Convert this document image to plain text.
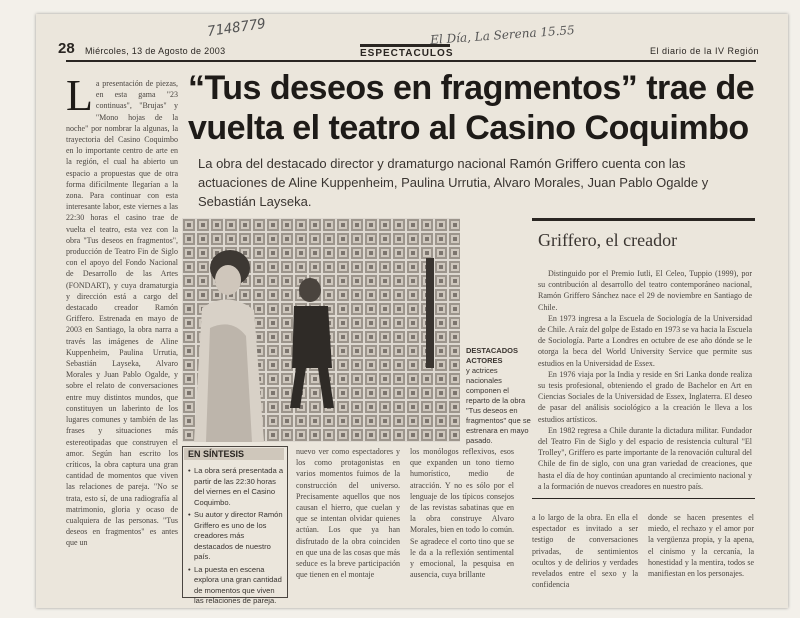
28 Miércoles, 13 de Agosto de 2003	ESPECTACULOS	El diario de la IV Región
7148779	El Día, La Serena 15.55
“Tus deseos en fragmentos” trae de vuelta el teatro al Casino Coquimbo
La obra del destacado director y dramaturgo nacional Ramón Griffero cuenta con las actuaciones de Aline Kuppenheim, Paulina Urrutia, Alvaro Morales, Juan Pablo Ogalde y Sebastián Layseka.
L a presentación de piezas, en esta gama "23 continuas", "Brujas" y "Mono hojas de la noche" por nombrar la algunas, la trayectoria del Casino Coquimbo en lo importante centro de arte en la región, el cual ha abierto un espacio a propuestas que de otra forma difícilmente llegarían a la zona. Para continuar con esta interesante labor, este viernes a las 22:30 horas el casino trae de vuelta el teatro, esta vez con la obra "Tus deseos en fragmentos", producción de Teatro Fin de Siglo con el apoyo del Fondo Nacional de Desarrollo de las Artes (FONDART), y cuya dramaturgia y dirección está a cargo del destacado creador Ramón Griffero. Estrenada en mayo de 2003 en Santiago, la obra narra a través las imágenes de Aline Kuppenheim, Paulina Urrutia, Sebastián Layseka, Alvaro Morales y Juan Pablo Ogalde, y sobre el relato de conversaciones entre muy distintos mundos, que constituyen un laberinto de los lugares comunes y también de las frases y situaciones más estereotipadas que construyen el amor. Según han escrito los críticos, la obra captura una gran cantidad de momentos que viven las relaciones de pareja. "No se trata, esto sí, de una radiografía al matrimonio, gloria y ocaso de cualquiera de las personas. "Tus deseos en fragmentos" es antes que un
DESTACADOS ACTORES
y actrices nacionales componen el reparto de la obra "Tus deseos en fragmentos" que se estrenara en mayo pasado.
Griffero, el creador

Distinguido por el Premio Iutli, El Celeo, Tuppio (1999), por su contribución al desarrollo del teatro contemporáneo nacional, Ramón Griffero Sánchez nace el 29 de noviembre en Santiago de Chile.

En 1973 ingresa a la Escuela de Sociología de la Universidad de Chile. A raíz del golpe de Estado en 1973 se va hacia la Escuela de Sociología. Parte a Londres en octubre de ese año dónde se le otorga la beca del World University Service que permite sus estudios en la Universidad de Essex.

En 1976 viaja por la India y reside en Sri Lanka donde realiza su tesis profesional, obteniendo el grado de Bachelor en Art en Ciencias Sociales de la Universidad de Essex, Inglaterra. El deseo de pasar del análisis sociológico a la creación le lleva a los estudios artísticos.

En 1982 regresa a Chile durante la dictadura militar. Fundador del Teatro Fin de Siglo y del espacio de resistencia cultural "El Trolley", Griffero es parte importante de la renovación cultural del Chile de fin de siglo, con una gran variedad de creaciones, que hasta el día de hoy continúan apuntando al crecimiento nacional y a la formación de nuevos creadores en nuestro país.

EN SÍNTESIS
• La obra será presentada a partir de las 22:30 horas del viernes en el Casino Coquimbo.
• Su autor y director Ramón Griffero es uno de los creadores más destacados de nuestro país.
• La puesta en escena explora una gran cantidad de momentos que viven las relaciones de pareja.
nuevo ver como espectadores y los como protagonistas en varios momentos fuimos de la construcción del universo. Precisamente aquellos que nos causan el hierro, que cuelan y que se intentan olvidar quienes actúan. Los que ya han disfrutado de la obra coinciden en que una de las cosas que más seduce es la breve participación que tienen en el montaje
los monólogos reflexivos, esos que expanden un tono tierno humorístico, medio de atracción. Y no es sólo por el lenguaje de los típicos consejos de las revistas sabatinas que en la obra construye Alvaro Morales, bien en todo lo común. Se agradece el corto tino que se le da a la reflexión sentimental y emocional, la pesquisa en ausencia, cuya brillante
a lo largo de la obra. En ella el espectador es invitado a ser testigo de conversaciones privadas, de sentimientos ocultos y de delirios y verdades revelados entre el sexo y la confidencia
donde se hacen presentes el miedo, el rechazo y el amor por la vergüenza propia, y la apena, el cinismo y la cercanía, la honestidad y la mentira, todos se manifiestan en los personajes.
